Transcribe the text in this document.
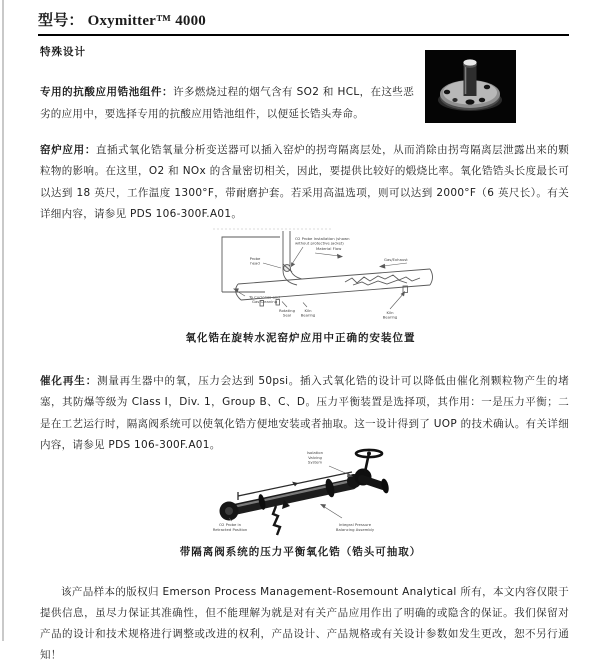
型号： Oxymitter™ 4000
特殊设计

专用的抗酸应用锆池组件：许多燃烧过程的烟气含有 SO2 和 HCL，在这些恶劣的应用中，要选择专用的抗酸应用锆池组件，以便延长锆头寿命。

窑炉应用：直插式氧化锆氧量分析变送器可以插入窑炉的拐弯隔离层处，从而消除由拐弯隔离层泄露出来的颗粒物的影响。在这里，O2 和 NOx 的含量密切相关，因此，要提供比较好的煅烧比率。氧化锆锆头长度最长可以达到 18 英尺，工作温度 1300°F，带耐磨护套。若采用高温选项，则可以达到 2000°F（6 英尺长）。有关详细内容，请参见 PDS 106-300F.A01。

Probe
head
O2 Probe Installation (shown
without protective jacket)
Material Flow
Gas/Exhaust
To Cyclones and
Gas Cleaning
Rotating
Seal
Kiln
Bearing
Kiln
Bearing
氧化锆在旋转水泥窑炉应用中正确的安装位置

催化再生：测量再生器中的氧，压力会达到 50psi。插入式氧化锆的设计可以降低由催化剂颗粒物产生的堵塞，其防爆等级为 Class I，Div. 1，Group B、C、D。压力平衡装置是选择项，其作用：一是压力平衡；二是在工艺运行时，隔离阀系统可以使氧化锆方便地安装或者抽取。这一设计得到了 UOP 的技术确认。有关详细内容，请参见 PDS 106-300F.A01。

Isolation
Valving
System
O2 Probe in
Retracted Position
Integral Pressure
Balancing Assembly
带隔离阀系统的压力平衡氧化锆（锆头可抽取）

该产品样本的版权归 Emerson Process Management-Rosemount Analytical 所有，本文内容仅限于提供信息，虽尽力保证其准确性，但不能理解为就是对有关产品应用作出了明确的或隐含的保证。我们保留对产品的设计和技术规格进行调整或改进的权利，产品设计、产品规格或有关设计参数如发生更改，恕不另行通知！
